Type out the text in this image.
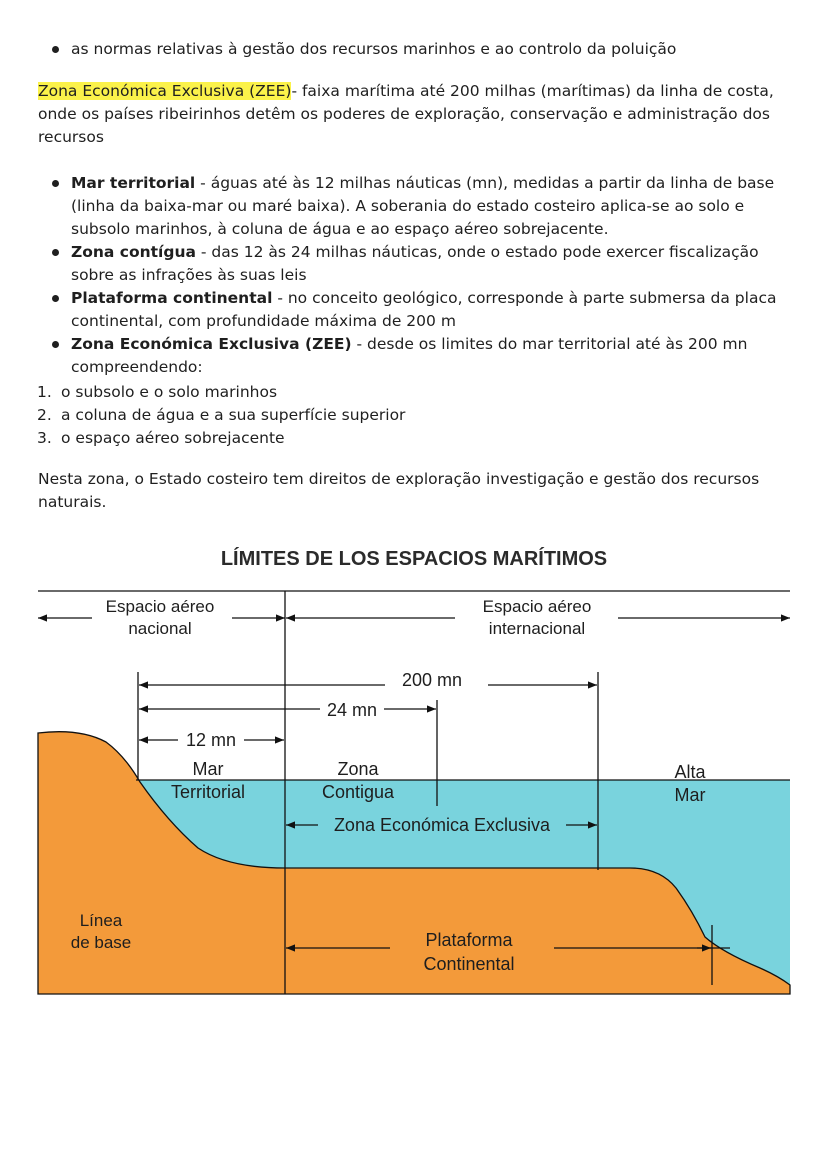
as normas relativas à gestão dos recursos marinhos e ao controlo da poluição
Zona Económica Exclusiva (ZEE)- faixa marítima até 200 milhas (marítimas) da linha de costa,
onde os países ribeirinhos detêm os poderes de exploração, conservação e administração dos
recursos
Mar territorial - águas até às 12 milhas náuticas (mn), medidas a partir da linha de base
(linha da baixa-mar ou maré baixa). A soberania do estado costeiro aplica-se ao solo e
subsolo marinhos, à coluna de água e ao espaço aéreo sobrejacente.
Zona contígua - das 12 às 24 milhas náuticas, onde o estado pode exercer fiscalização
sobre as infrações às suas leis
Plataforma continental - no conceito geológico, corresponde à parte submersa da placa
continental, com profundidade máxima de 200 m
Zona Económica Exclusiva (ZEE) - desde os limites do mar territorial até às 200 mn
compreendendo:
1. o subsolo e o solo marinhos
2. a coluna de água e a sua superfície superior
3. o espaço aéreo sobrejacente
Nesta zona, o Estado costeiro tem direitos de exploração investigação e gestão dos recursos
naturais.
LÍMITES DE LOS ESPACIOS MARÍTIMOS
Espacio aéreo
nacional
Espacio aéreo
internacional
200 mn
24 mn
12 mn
Mar
Territorial
Zona
Contigua
Zona Económica Exclusiva
Alta
Mar
Línea
de base	Plataforma
Continental
